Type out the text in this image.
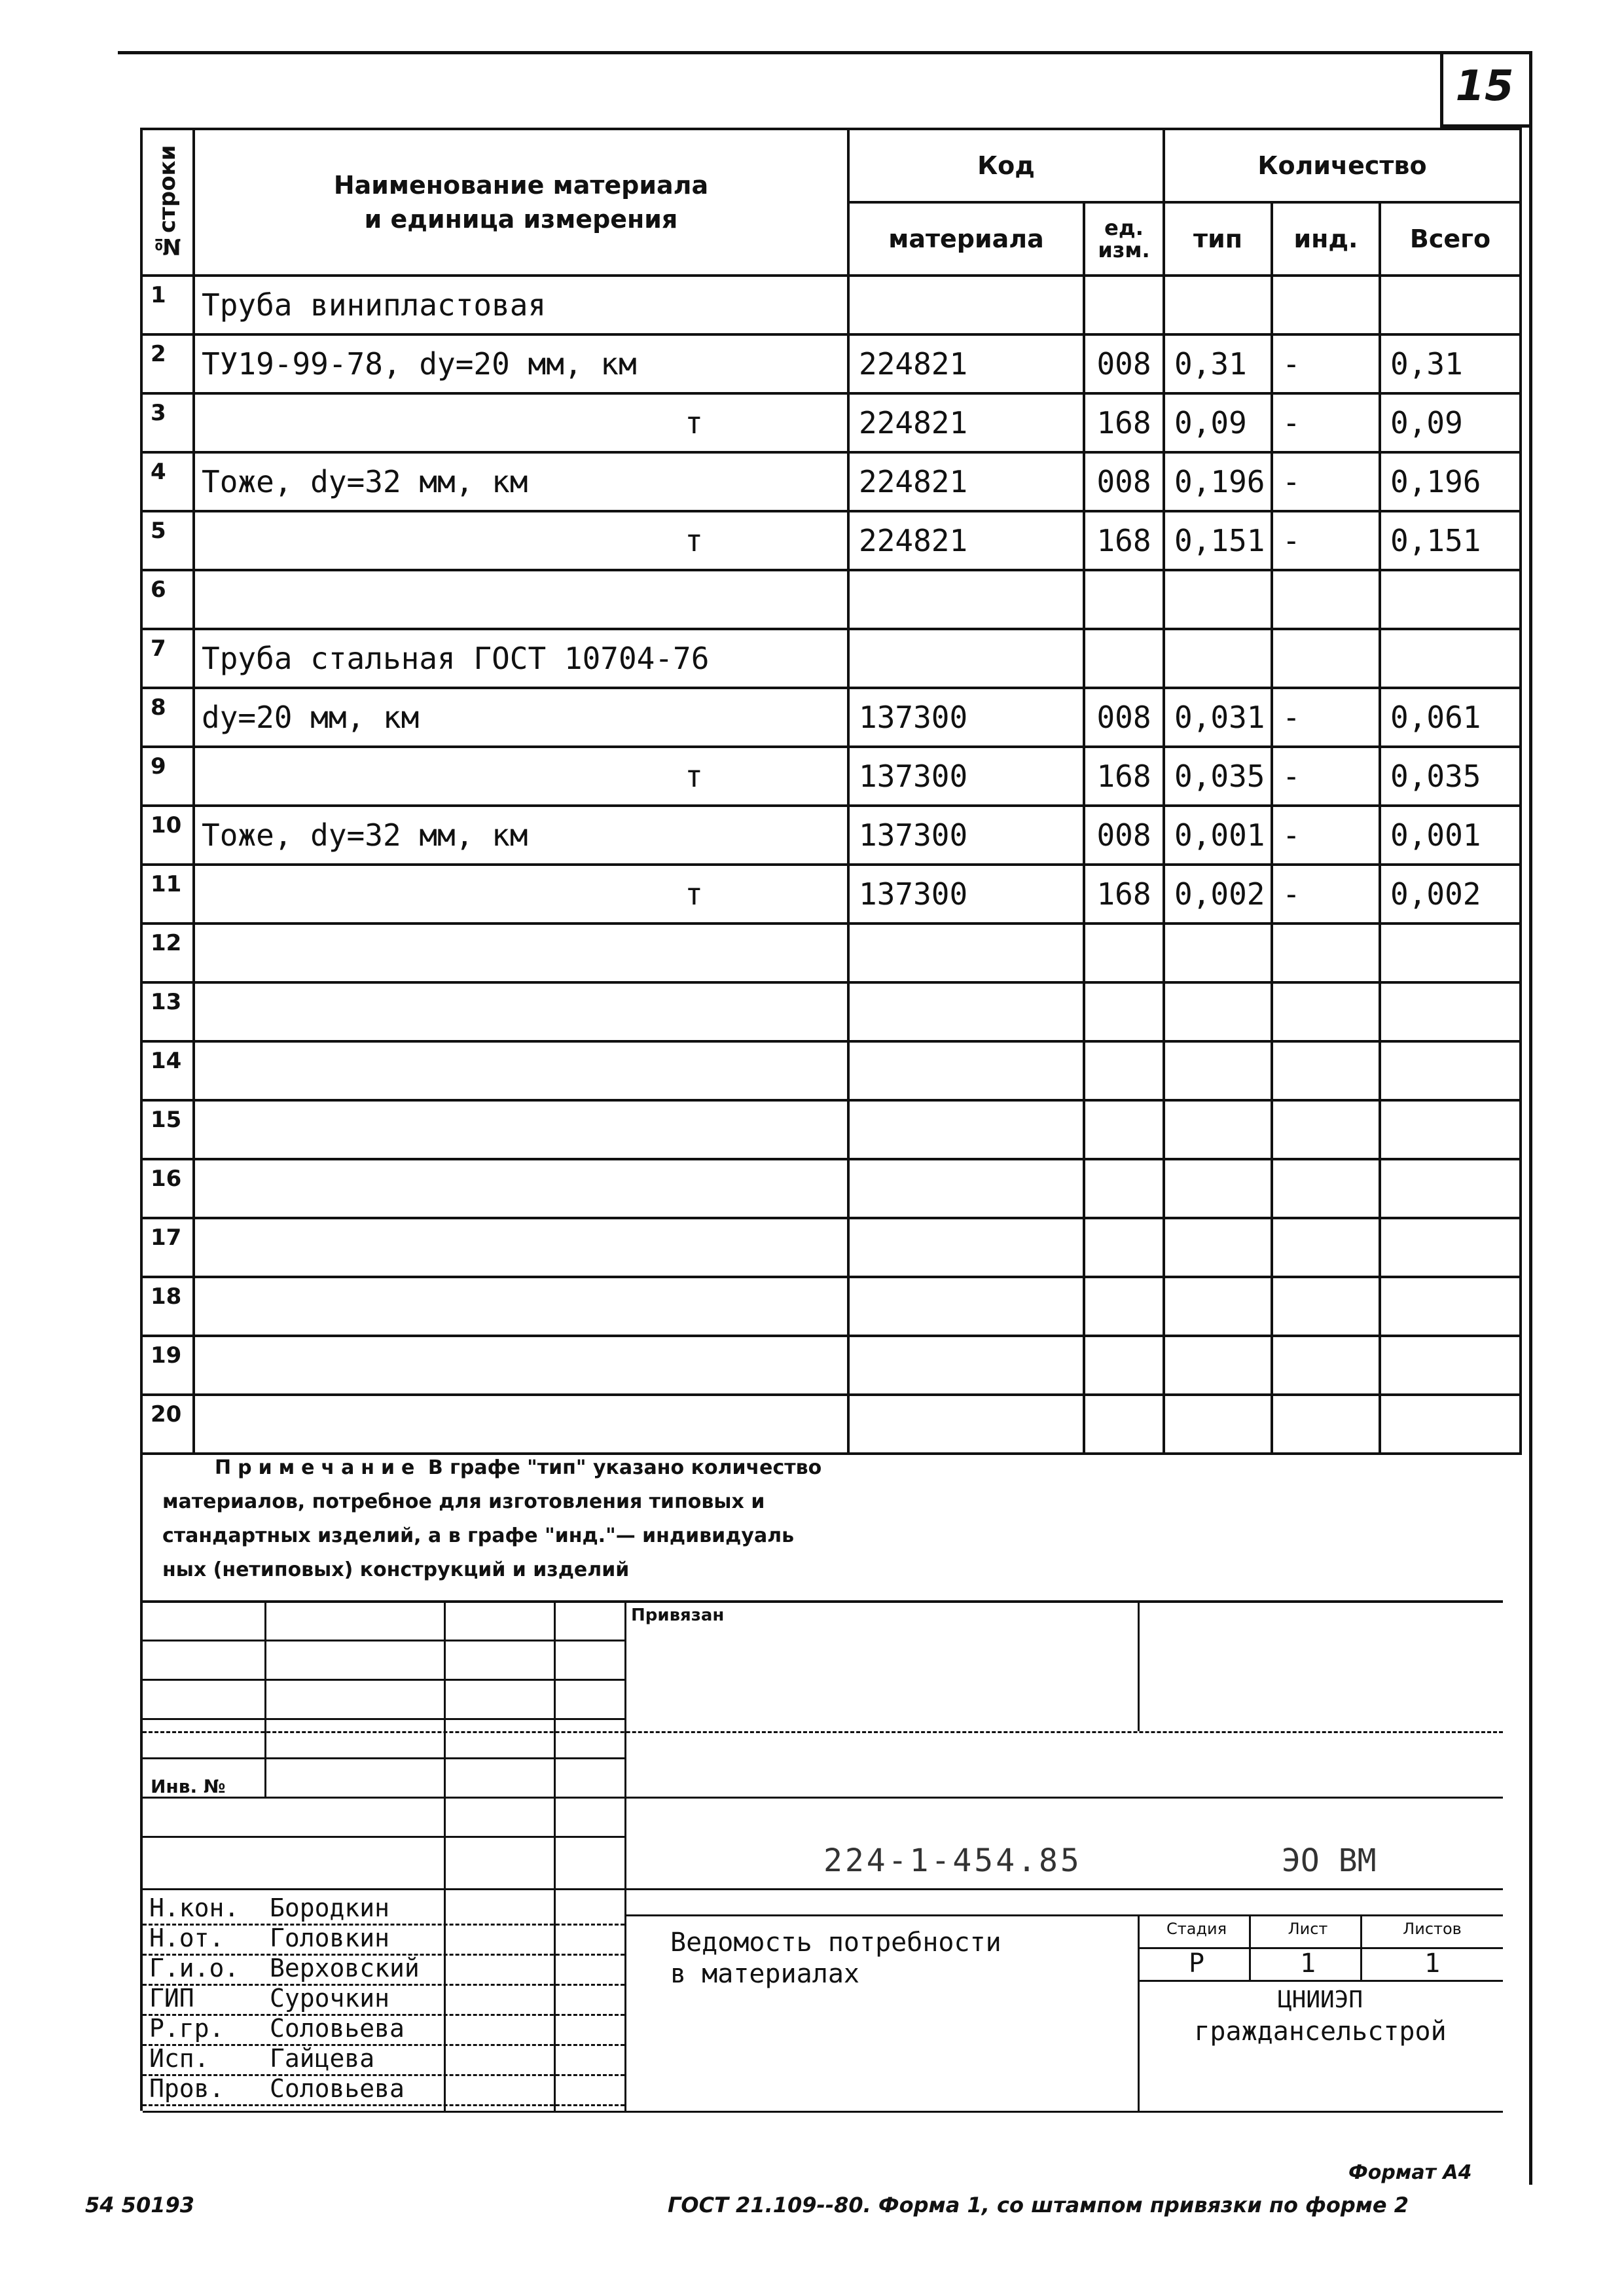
15
№строки	Наименование материала
и единица измерения	Код		Количество		
		материала	ед. изм.	тип	инд.	Всего
1	Труба винипластовая					
2	ТУ19-99-78, dy=20 мм, км	224821	008	0,31	-	0,31
3	т	224821	168	0,09	-	0,09
4	Тоже, dy=32 мм, км	224821	008	0,196	-	0,196
5	т	224821	168	0,151	-	0,151
6						
7	Труба стальная ГОСТ 10704-76					
8	dy=20 мм, км	137300	008	0,031	-	0,061
9	т	137300	168	0,035	-	0,035
10	Тоже, dy=32 мм, км	137300	008	0,001	-	0,001
11	т	137300	168	0,002	-	0,002
12						
13						
14						
15						
16						
17						
18						
19						
20						
Примечание В графе "тип" указано количество
материалов, потребное для изготовления типовых и
стандартных изделий, а в графе "инд."— индивидуаль
ных (нетиповых) конструкций и изделий
Привязан
Инв. №
Н.кон. Бородкин
Н.от. Головкин
Г.и.о. Верховский
ГИП	Сурочкин
Р.гр. Соловьева
Исп. Гайцева
Пров. Соловьева
224-1-454.85	ЭО ВМ
Ведомость потребности
в материалах
Стадия	Лист	Листов
Р	1	1
ЦНИИЭП
граждансельстрой
Формат А4
54 50193	ГОСТ 21.109--80. Форма 1, со штампом привязки по форме 2
